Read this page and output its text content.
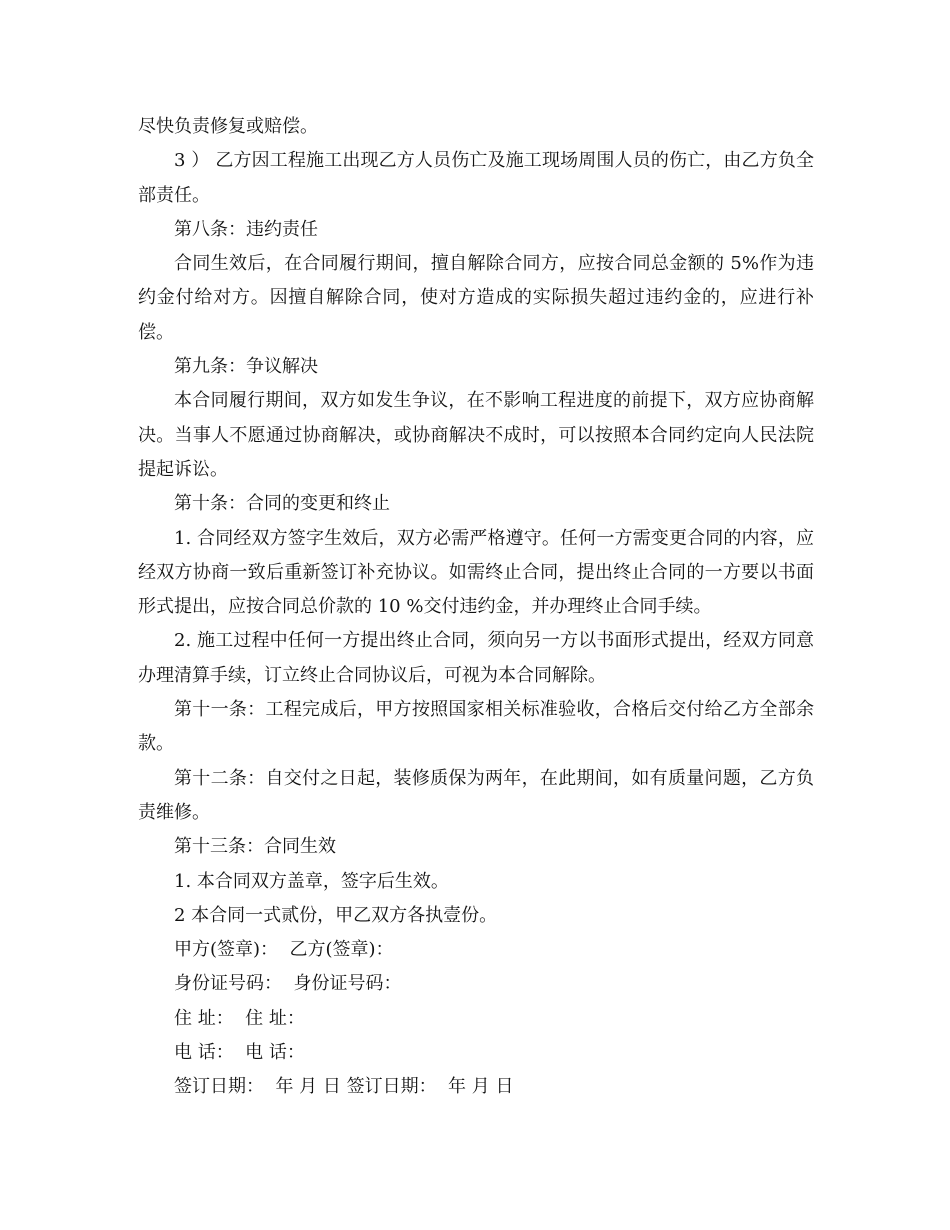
尽快负责修复或赔偿。

3 ） 乙方因工程施工出现乙方人员伤亡及施工现场周围人员的伤亡，由乙方负全部责任。

第八条：违约责任

合同生效后，在合同履行期间，擅自解除合同方，应按合同总金额的 5%作为违约金付给对方。因擅自解除合同，使对方造成的实际损失超过违约金的，应进行补偿。

第九条：争议解决

本合同履行期间，双方如发生争议，在不影响工程进度的前提下，双方应协商解决。当事人不愿通过协商解决，或协商解决不成时，可以按照本合同约定向人民法院提起诉讼。

第十条：合同的变更和终止

1. 合同经双方签字生效后，双方必需严格遵守。任何一方需变更合同的内容，应经双方协商一致后重新签订补充协议。如需终止合同，提出终止合同的一方要以书面形式提出，应按合同总价款的 10 %交付违约金，并办理终止合同手续。

2. 施工过程中任何一方提出终止合同，须向另一方以书面形式提出，经双方同意办理清算手续，订立终止合同协议后，可视为本合同解除。

第十一条：工程完成后，甲方按照国家相关标准验收，合格后交付给乙方全部余款。

第十二条：自交付之日起，装修质保为两年，在此期间，如有质量问题，乙方负责维修。

第十三条：合同生效

1. 本合同双方盖章，签字后生效。

2 本合同一式贰份，甲乙双方各执壹份。

甲方(签章)：  乙方(签章)：

身份证号码：  身份证号码：

住 址：  住 址：

电 话：  电 话：

签订日期：  年 月 日 签订日期：  年 月 日
